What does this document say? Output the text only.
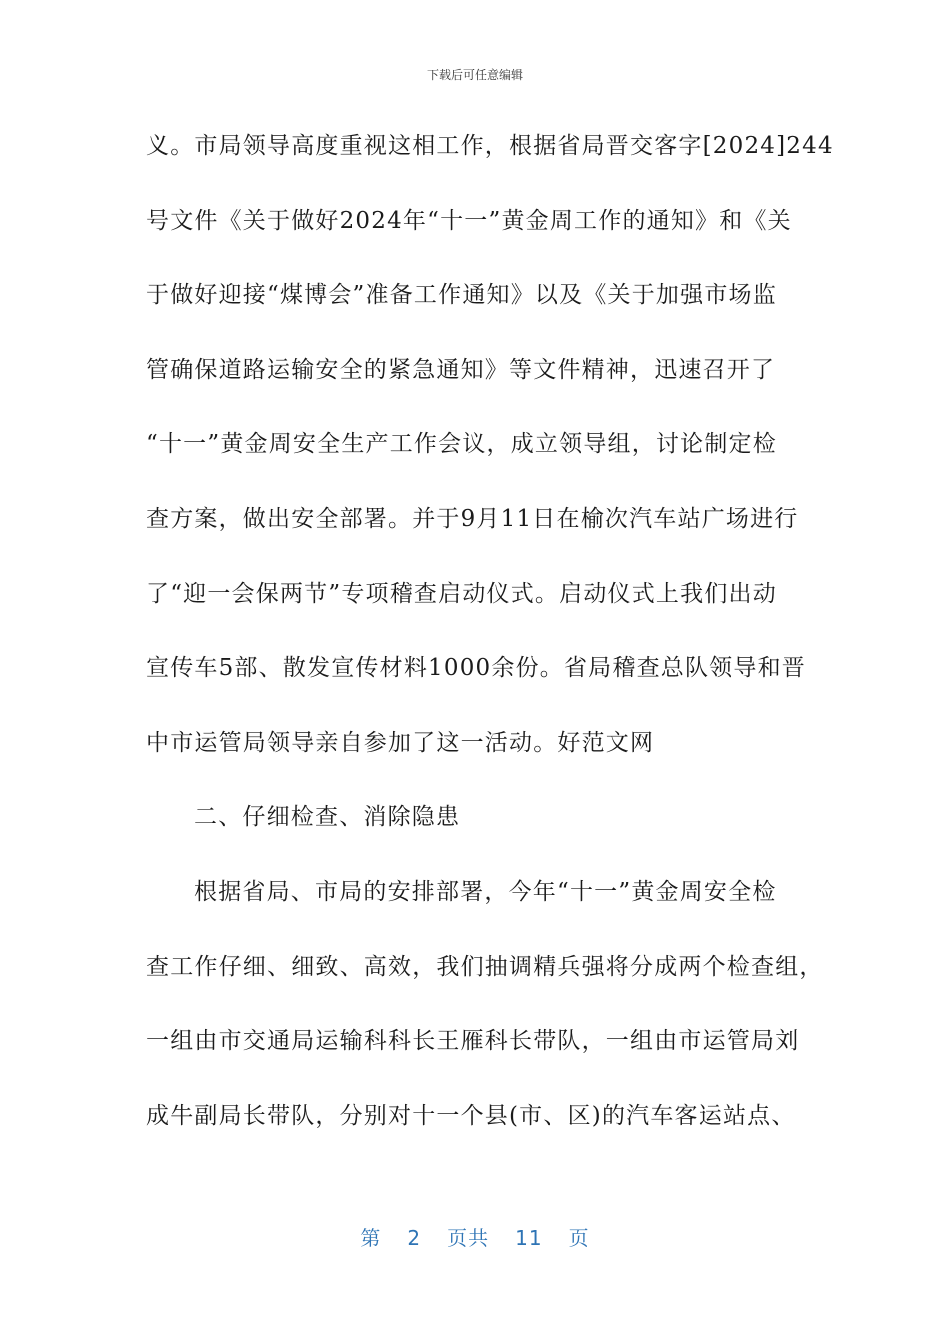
下载后可任意编辑
义。市局领导高度重视这相工作，根据省局晋交客字[2024]244
号文件《关于做好2024年“十一”黄金周工作的通知》和《关
于做好迎接“煤博会”准备工作通知》以及《关于加强市场监
管确保道路运输安全的紧急通知》等文件精神，迅速召开了
“十一”黄金周安全生产工作会议，成立领导组，讨论制定检
查方案，做出安全部署。并于9月11日在榆次汽车站广场进行
了“迎一会保两节”专项稽查启动仪式。启动仪式上我们出动
宣传车5部、散发宣传材料1000余份。省局稽查总队领导和晋
中市运管局领导亲自参加了这一活动。好范文网
二、仔细检查、消除隐患
根据省局、市局的安排部署，今年“十一”黄金周安全检
查工作仔细、细致、高效，我们抽调精兵强将分成两个检查组，
一组由市交通局运输科科长王雁科长带队，一组由市运管局刘
成牛副局长带队，分别对十一个县(市、区)的汽车客运站点、
第 2 页共 11 页
